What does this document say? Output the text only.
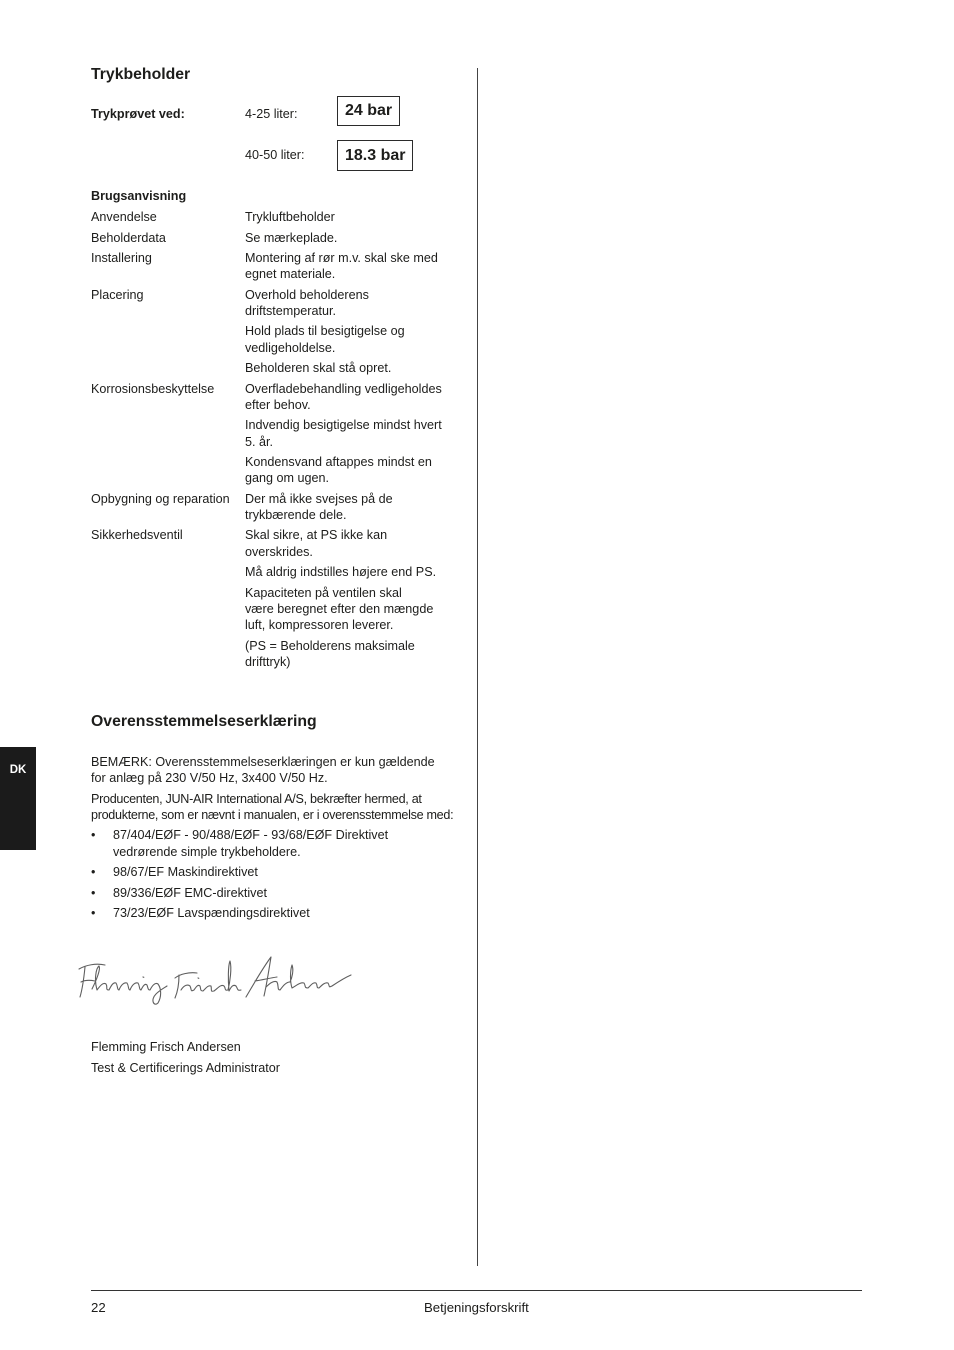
DK
Trykbeholder
Trykprøvet ved:	4-25 liter:	24 bar
40-50 liter:	18.3 bar
Brugsanvisning
Anvendelse	Trykluftbeholder
Beholderdata	Se mærkeplade.
Installering	Montering af rør m.v. skal ske med
egnet materiale.
Placering	Overhold beholderens
driftstemperatur.
Hold plads til besigtigelse og
vedligeholdelse.
Beholderen skal stå opret.
Korrosionsbeskyttelse	Overfladebehandling vedligeholdes
efter behov.
Indvendig besigtigelse mindst hvert
5. år.
Kondensvand aftappes mindst en
gang om ugen.
Opbygning og reparation	Der må ikke svejses på de
trykbærende dele.
Sikkerhedsventil	Skal sikre, at PS ikke kan
overskrides.
Må aldrig indstilles højere end PS.
Kapaciteten på ventilen skal
være beregnet efter den mængde
luft, kompressoren leverer.
(PS = Beholderens maksimale
drifttryk)
Overensstemmelseserklæring

BEMÆRK: Overensstemmelseserklæringen er kun gældende
for anlæg på 230 V/50 Hz, 3x400 V/50 Hz.

Producenten, JUN-AIR International A/S, bekræfter hermed, at
produkterne, som er nævnt i manualen, er i overensstemmelse med:

•	87/404/EØF - 90/488/EØF - 93/68/EØF Direktivet
vedrørende simple trykbeholdere.
•	98/67/EF Maskindirektivet
•	89/336/EØF EMC-direktivet
•	73/23/EØF Lavspændingsdirektivet
Flemming Frisch Andersen
Test & Certificerings Administrator
22	Betjeningsforskrift
